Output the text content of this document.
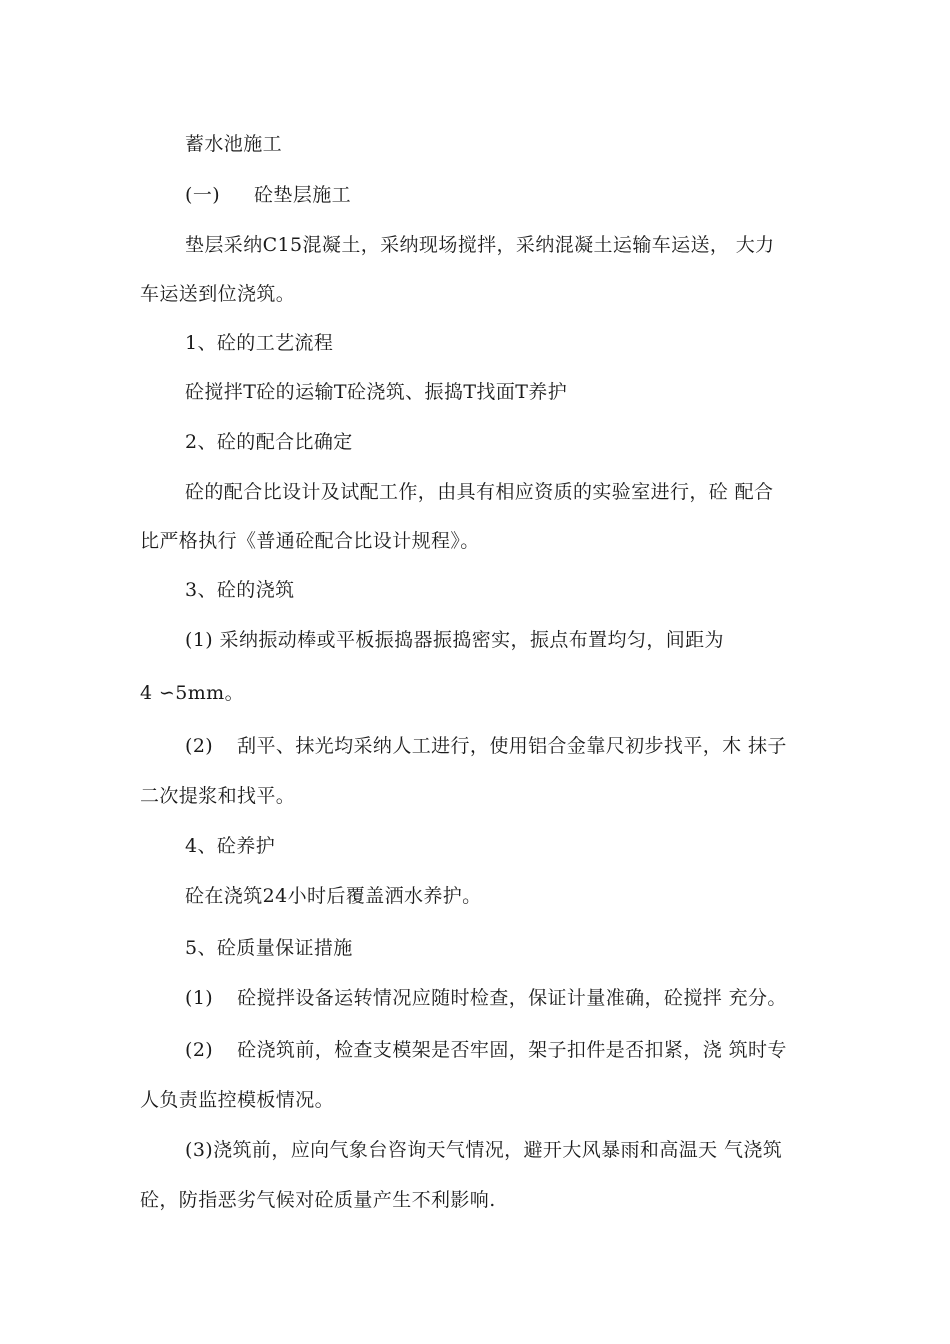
蓄水池施工
(一) 砼垫层施工
垫层采纳C15混凝土，采纳现场搅拌，采纳混凝土运输车运送， 大力
车运送到位浇筑。
1、砼的工艺流程
砼搅拌T砼的运输T砼浇筑、振捣T找面T养护
2、砼的配合比确定
砼的配合比设计及试配工作，由具有相应资质的实验室进行，砼 配合
比严格执行《普通砼配合比设计规程》。
3、砼的浇筑
(1) 采纳振动棒或平板振捣器振捣密实，振点布置均匀，间距为
4 ∽5mm。
(2) 刮平、抹光均采纳人工进行，使用铝合金靠尺初步找平，木 抹子
二次提浆和找平。
4、砼养护
砼在浇筑24小时后覆盖洒水养护。
5、砼质量保证措施
(1) 砼搅拌设备运转情况应随时检查，保证计量准确，砼搅拌 充分。
(2) 砼浇筑前，检查支模架是否牢固，架子扣件是否扣紧，浇 筑时专
人负责监控模板情况。
(3)浇筑前，应向气象台咨询天气情况，避开大风暴雨和高温天 气浇筑
砼，防指恶劣气候对砼质量产生不利影响.
